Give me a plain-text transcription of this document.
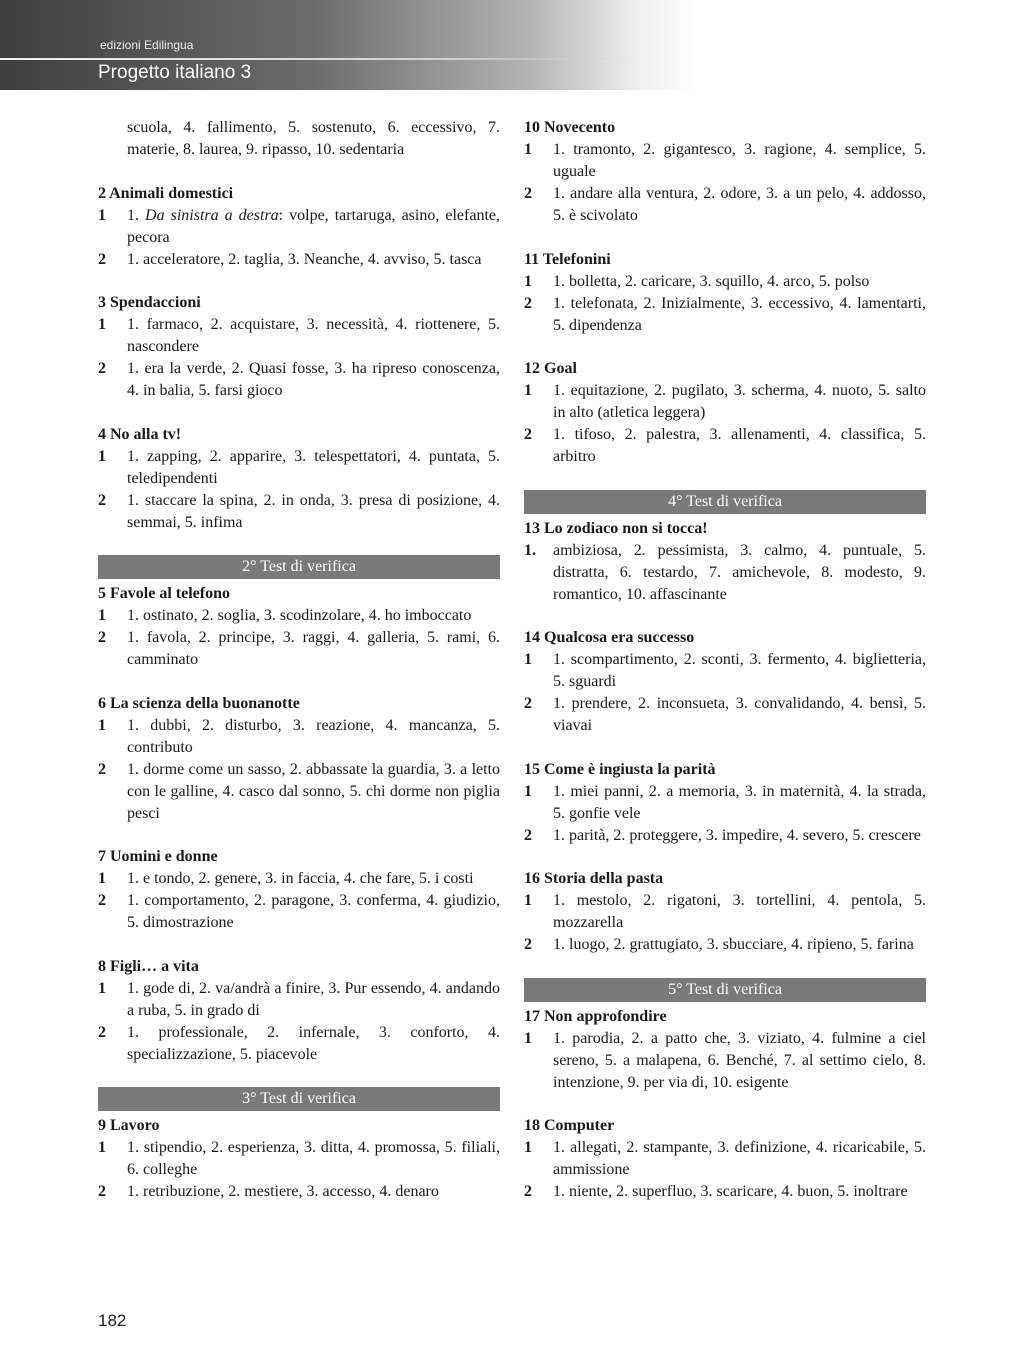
edizioni Edilingua
Progetto italiano 3
scuola, 4. fallimento, 5. sostenuto, 6. eccessivo, 7. materie, 8. laurea, 9. ripasso, 10. sedentaria
2 Animali domestici
1	1. Da sinistra a destra: volpe, tartaruga, asino, elefante, pecora
2	1. acceleratore, 2. taglia, 3. Neanche, 4. avviso, 5. tasca
3 Spendaccioni
1	1. farmaco, 2. acquistare, 3. necessità, 4. riottenere, 5. nascondere
2	1. era la verde, 2. Quasi fosse, 3. ha ripreso conoscenza, 4. in balia, 5. farsi gioco
4 No alla tv!
1	1. zapping, 2. apparire, 3. telespettatori, 4. puntata, 5. teledipendenti
2	1. staccare la spina, 2. in onda, 3. presa di posizione, 4. semmai, 5. infima
2° Test di verifica
5 Favole al telefono
1	1. ostinato, 2. soglia, 3. scodinzolare, 4. ho imboccato
2	1. favola, 2. principe, 3. raggi, 4. galleria, 5. rami, 6. camminato
6 La scienza della buonanotte
1	1. dubbi, 2. disturbo, 3. reazione, 4. mancanza, 5. contributo
2	1. dorme come un sasso, 2. abbassate la guardia, 3. a letto con le galline, 4. casco dal sonno, 5. chi dorme non piglia pesci
7 Uomini e donne
1	1. e tondo, 2. genere, 3. in faccia, 4. che fare, 5. i costi
2	1. comportamento, 2. paragone, 3. conferma, 4. giudizio, 5. dimostrazione
8 Figli… a vita
1	1. gode di, 2. va/andrà a finire, 3. Pur essendo, 4. andando a ruba, 5. in grado di
2	1. professionale, 2. infernale, 3. conforto, 4. specializzazione, 5. piacevole
3° Test di verifica
9 Lavoro
1	1. stipendio, 2. esperienza, 3. ditta, 4. promossa, 5. filiali, 6. colleghe
2	1. retribuzione, 2. mestiere, 3. accesso, 4. denaro
10 Novecento
1	1. tramonto, 2. gigantesco, 3. ragione, 4. semplice, 5. uguale
2	1. andare alla ventura, 2. odore, 3. a un pelo, 4. addosso, 5. è scivolato
11 Telefonini
1	1. bolletta, 2. caricare, 3. squillo, 4. arco, 5. polso
2	1. telefonata, 2. Inizialmente, 3. eccessivo, 4. lamentarti, 5. dipendenza
12 Goal
1	1. equitazione, 2. pugilato, 3. scherma, 4. nuoto, 5. salto in alto (atletica leggera)
2	1. tifoso, 2. palestra, 3. allenamenti, 4. classifica, 5. arbitro
4° Test di verifica
13 Lo zodiaco non si tocca!
1.	ambiziosa, 2. pessimista, 3. calmo, 4. puntuale, 5. distratta, 6. testardo, 7. amichevole, 8. modesto, 9. romantico, 10. affascinante
14 Qualcosa era successo
1	1. scompartimento, 2. sconti, 3. fermento, 4. biglietteria, 5. sguardi
2	1. prendere, 2. inconsueta, 3. convalidando, 4. bensì, 5. viavai
15 Come è ingiusta la parità
1	1. miei panni, 2. a memoria, 3. in maternità, 4. la strada, 5. gonfie vele
2	1. parità, 2. proteggere, 3. impedire, 4. severo, 5. crescere
16 Storia della pasta
1	1. mestolo, 2. rigatoni, 3. tortellini, 4. pentola, 5. mozzarella
2	1. luogo, 2. grattugiato, 3. sbucciare, 4. ripieno, 5. farina
5° Test di verifica
17 Non approfondire
1	1. parodia, 2. a patto che, 3. viziato, 4. fulmine a ciel sereno, 5. a malapena, 6. Benché, 7. al settimo cielo, 8. intenzione, 9. per via di, 10. esigente
18 Computer
1	1. allegati, 2. stampante, 3. definizione, 4. ricaricabile, 5. ammissione
2	1. niente, 2. superfluo, 3. scaricare, 4. buon, 5. inoltrare
182
